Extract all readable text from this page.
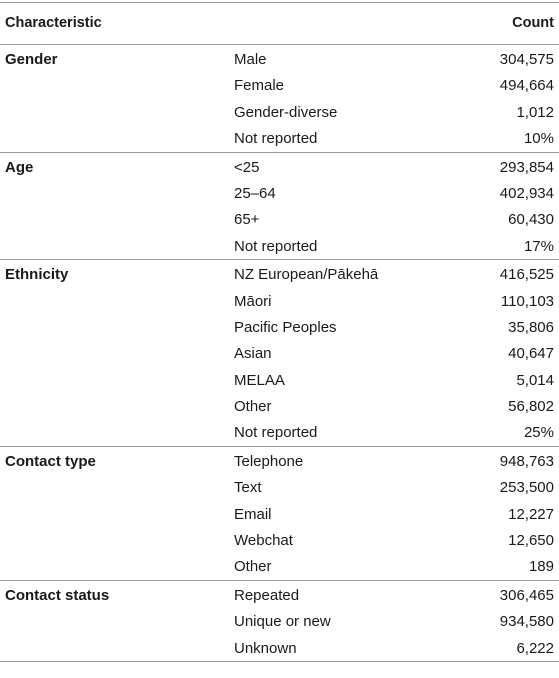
Characteristic	Count
Gender	Male	304,575
Female	494,664
Gender-diverse	1,012
Not reported	10%
Age	<25	293,854
25–64	402,934
65+	60,430
Not reported	17%
Ethnicity	NZ European/Pākehā	416,525
Māori	110,103
Pacific Peoples	35,806
Asian	40,647
MELAA	5,014
Other	56,802
Not reported	25%
Contact type	Telephone	948,763
Text	253,500
Email	12,227
Webchat	12,650
Other	189
Contact status	Repeated	306,465
Unique or new	934,580
Unknown	6,222
